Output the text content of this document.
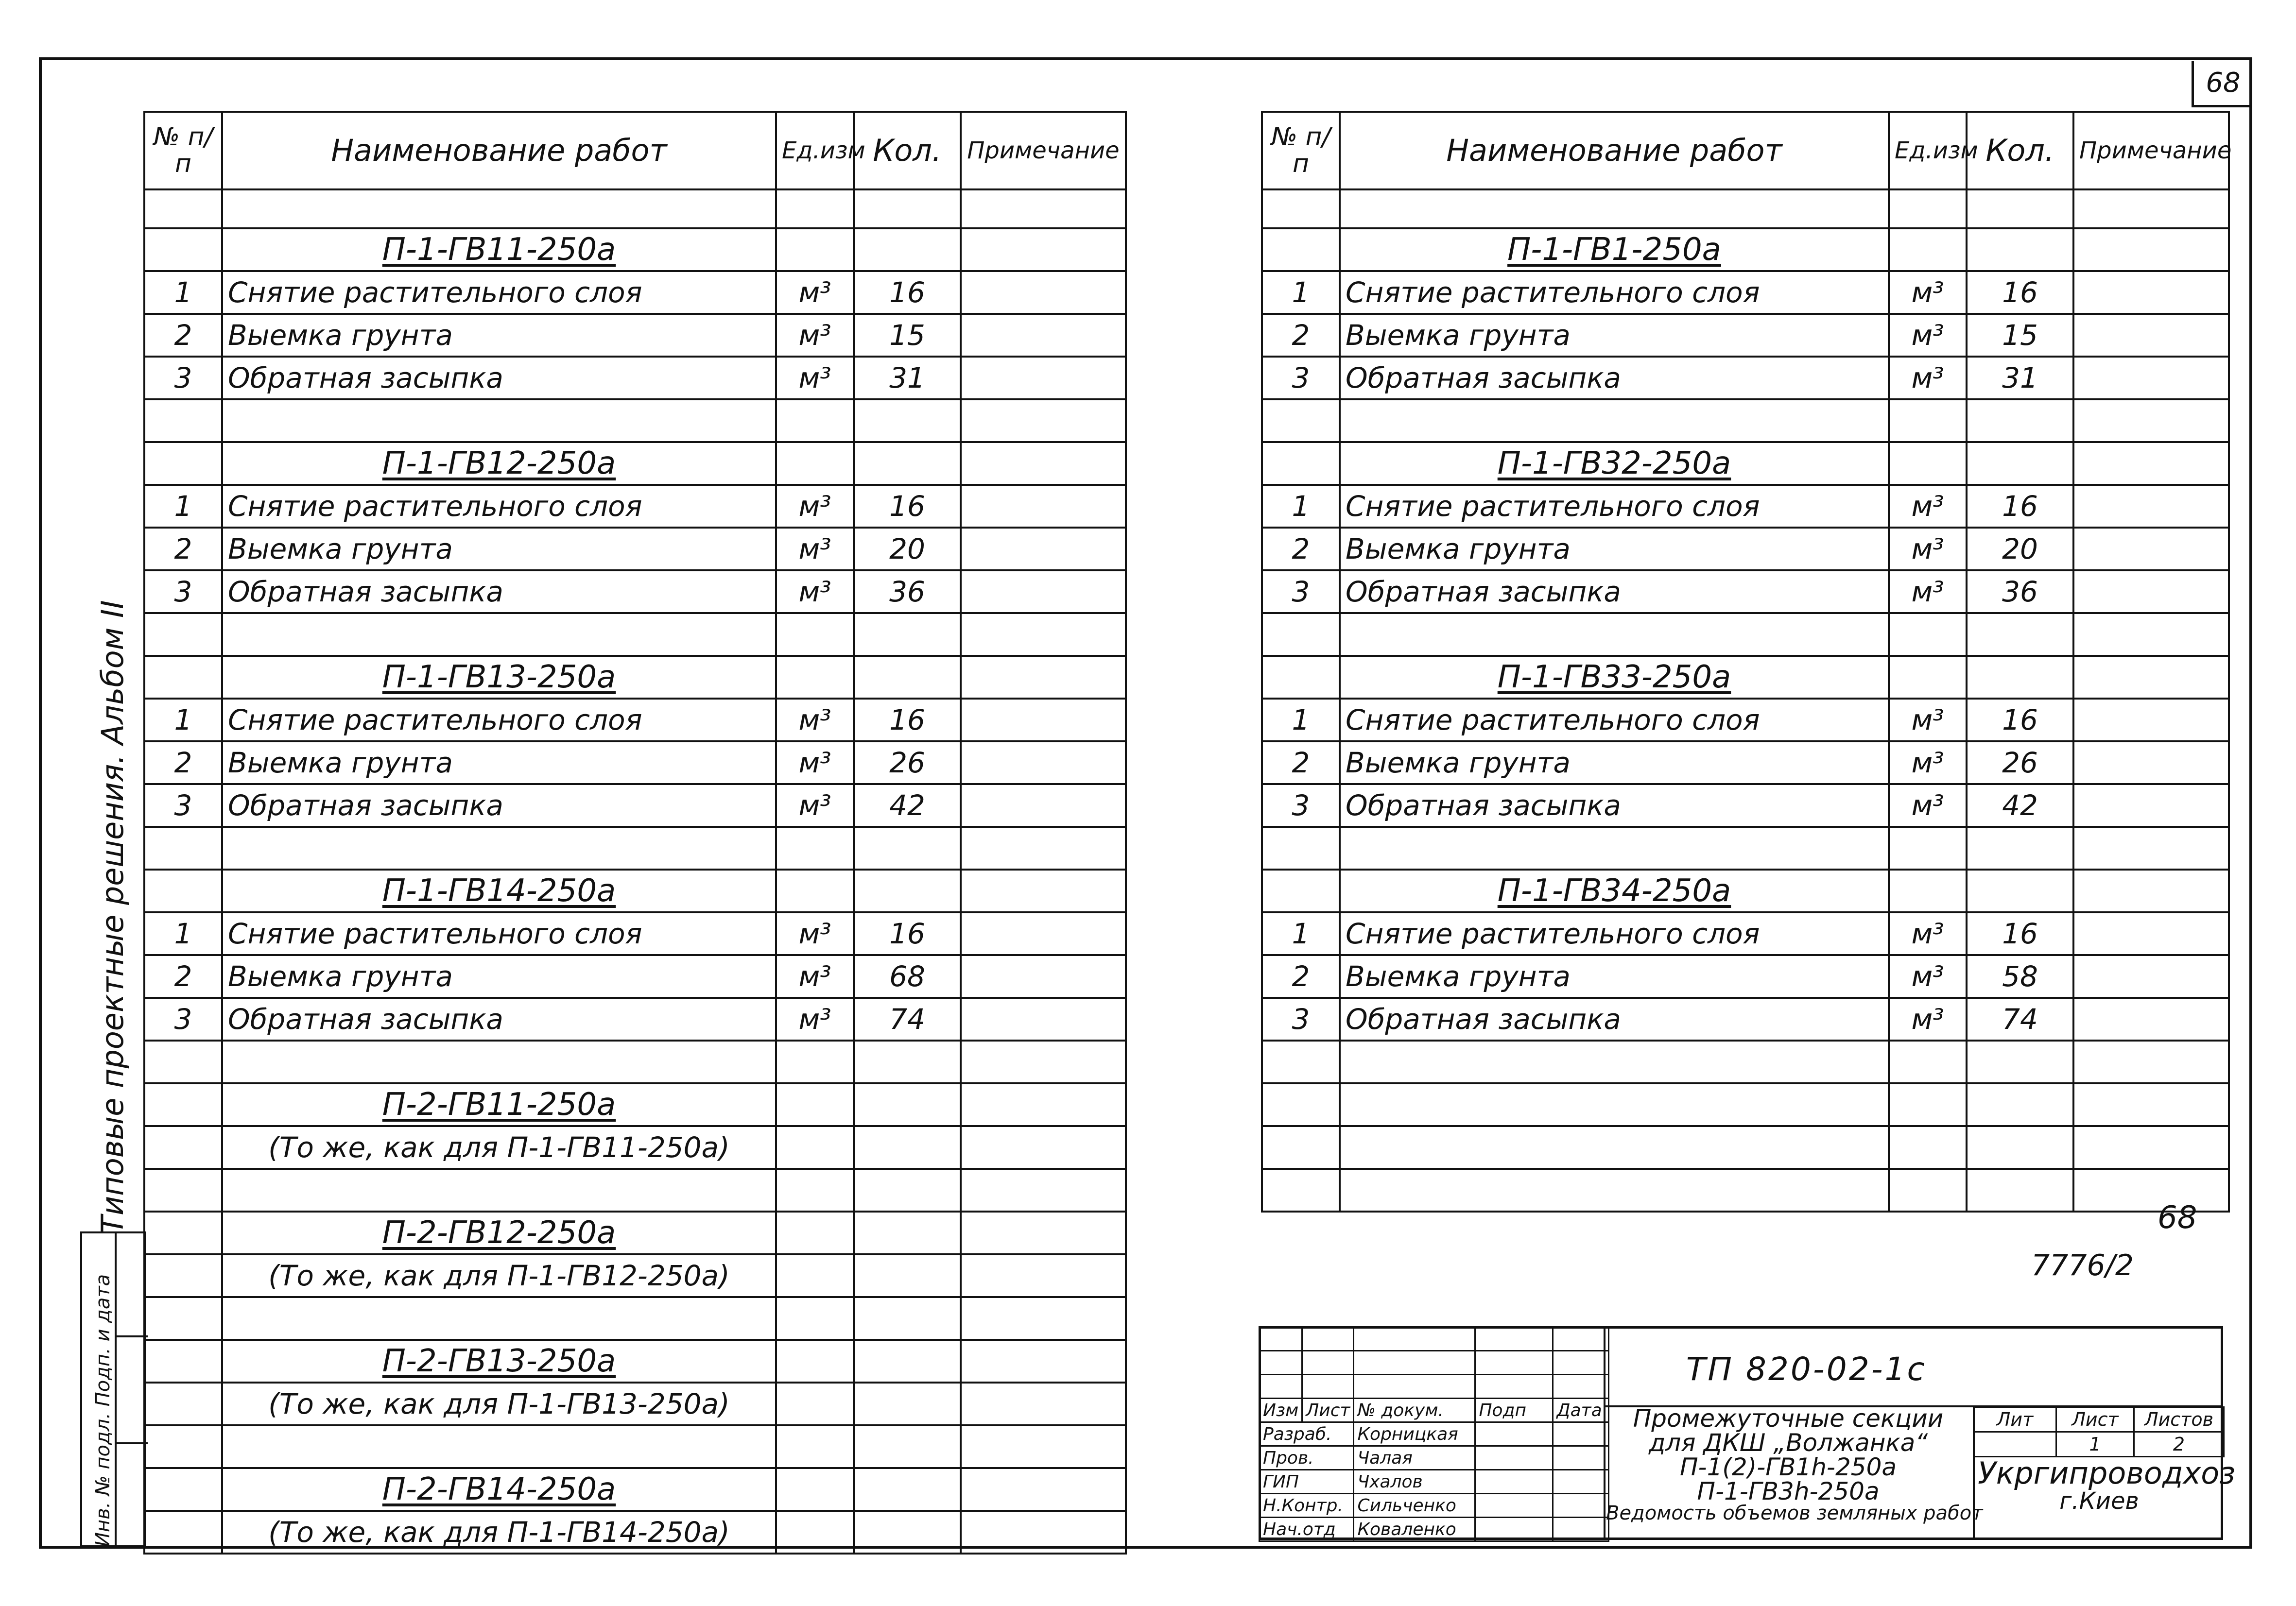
68
№ п/п	Наименование работ	Ед.изм	Кол.	Примечание

	П-1-ГВ11-250а			
1	Снятие растительного слоя	м³	16	
2	Выемка грунта	м³	15	
3	Обратная засыпка	м³	31	

	П-1-ГВ12-250а			
1	Снятие растительного слоя	м³	16	
2	Выемка грунта	м³	20	
3	Обратная засыпка	м³	36	

	П-1-ГВ13-250а			
1	Снятие растительного слоя	м³	16	
2	Выемка грунта	м³	26	
3	Обратная засыпка	м³	42	

	П-1-ГВ14-250а			
1	Снятие растительного слоя	м³	16	
2	Выемка грунта	м³	68	
3	Обратная засыпка	м³	74	

	П-2-ГВ11-250а			
	(То же, как для П-1-ГВ11-250а)			

	П-2-ГВ12-250а			
	(То же, как для П-1-ГВ12-250а)			

	П-2-ГВ13-250а			
	(То же, как для П-1-ГВ13-250а)			

	П-2-ГВ14-250а			
	(То же, как для П-1-ГВ14-250а)			
№ п/п	Наименование работ	Ед.изм	Кол.	Примечание

	П-1-ГВ1-250а			
1	Снятие растительного слоя	м³	16	
2	Выемка грунта	м³	15	
3	Обратная засыпка	м³	31	

	П-1-ГВ32-250а			
1	Снятие растительного слоя	м³	16	
2	Выемка грунта	м³	20	
3	Обратная засыпка	м³	36	

	П-1-ГВ33-250а			
1	Снятие растительного слоя	м³	16	
2	Выемка грунта	м³	26	
3	Обратная засыпка	м³	42	

	П-1-ГВ34-250а			
1	Снятие растительного слоя	м³	16	
2	Выемка грунта	м³	58	
3	Обратная засыпка	м³	74	

Типовые проектные решения. Альбом II
Инв. № подл. Подп. и дата
68
7776/2
ТП 820-02-1с

Изм	Лист	№ докум.	Подп	Дата
Разраб.		Корницкая		
Пров.		Чалая		
ГИП		Чхалов		
Н.Контр.		Сильченко		
Нач.отд		Коваленко		
Промежуточные секции
для ДКШ „Волжанка“
П-1(2)-ГВ1h-250а
П-1-ГВ3h-250а
Ведомость объемов земляных работ
Лит	Лист	Листов
	1	2
Укргипроводхоз
г.Киев
